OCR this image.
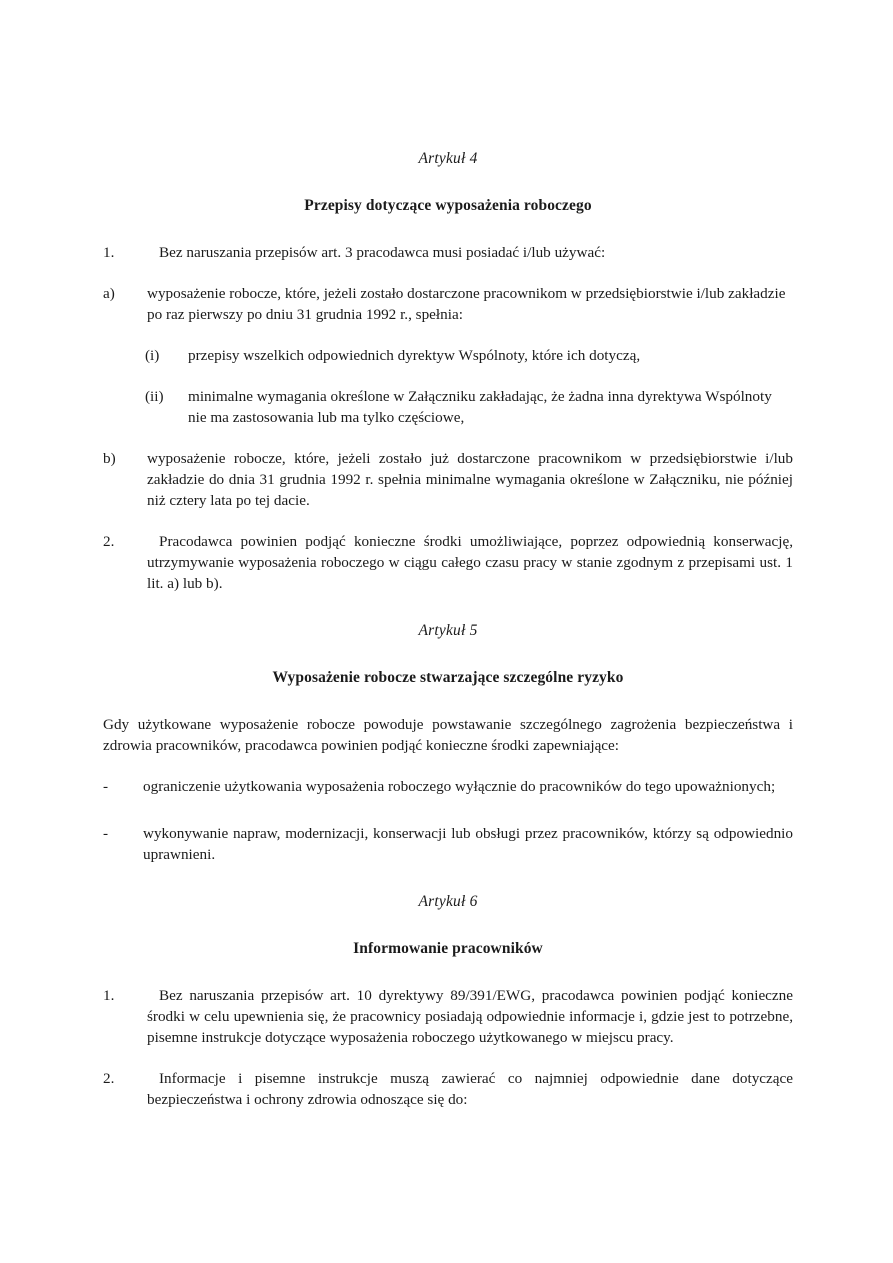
Artykuł 4

Przepisy dotyczące wyposażenia roboczego

1.	Bez naruszania przepisów art. 3 pracodawca musi posiadać i/lub używać:
a)	wyposażenie robocze, które, jeżeli zostało dostarczone pracownikom w przedsiębiorstwie i/lub zakładzie po raz pierwszy po dniu 31 grudnia 1992 r., spełnia:
(i)	przepisy wszelkich odpowiednich dyrektyw Wspólnoty, które ich dotyczą,
(ii)	minimalne wymagania określone w Załączniku zakładając, że żadna inna dyrektywa Wspólnoty nie ma zastosowania lub ma tylko częściowe,
b)	wyposażenie robocze, które, jeżeli zostało już dostarczone pracownikom w przedsiębiorstwie i/lub zakładzie do dnia 31 grudnia 1992 r. spełnia minimalne wymagania określone w Załączniku, nie później niż cztery lata po tej dacie.
2.	Pracodawca powinien podjąć konieczne środki umożliwiające, poprzez odpowiednią konserwację, utrzymywanie wyposażenia roboczego w ciągu całego czasu pracy w stanie zgodnym z przepisami ust. 1 lit. a) lub b).

Artykuł 5

Wyposażenie robocze stwarzające szczególne ryzyko

Gdy użytkowane wyposażenie robocze powoduje powstawanie szczególnego zagrożenia bezpieczeństwa i zdrowia pracowników, pracodawca powinien podjąć konieczne środki zapewniające:

-	ograniczenie użytkowania wyposażenia roboczego wyłącznie do pracowników do tego upoważnionych;
-	wykonywanie napraw, modernizacji, konserwacji lub obsługi przez pracowników, którzy są odpowiednio uprawnieni.

Artykuł 6

Informowanie pracowników

1.	Bez naruszania przepisów art. 10 dyrektywy 89/391/EWG, pracodawca powinien podjąć konieczne środki w celu upewnienia się, że pracownicy posiadają odpowiednie informacje i, gdzie jest to potrzebne, pisemne instrukcje dotyczące wyposażenia roboczego użytkowanego w miejscu pracy.
2.	Informacje i pisemne instrukcje muszą zawierać co najmniej odpowiednie dane dotyczące bezpieczeństwa i ochrony zdrowia odnoszące się do:
